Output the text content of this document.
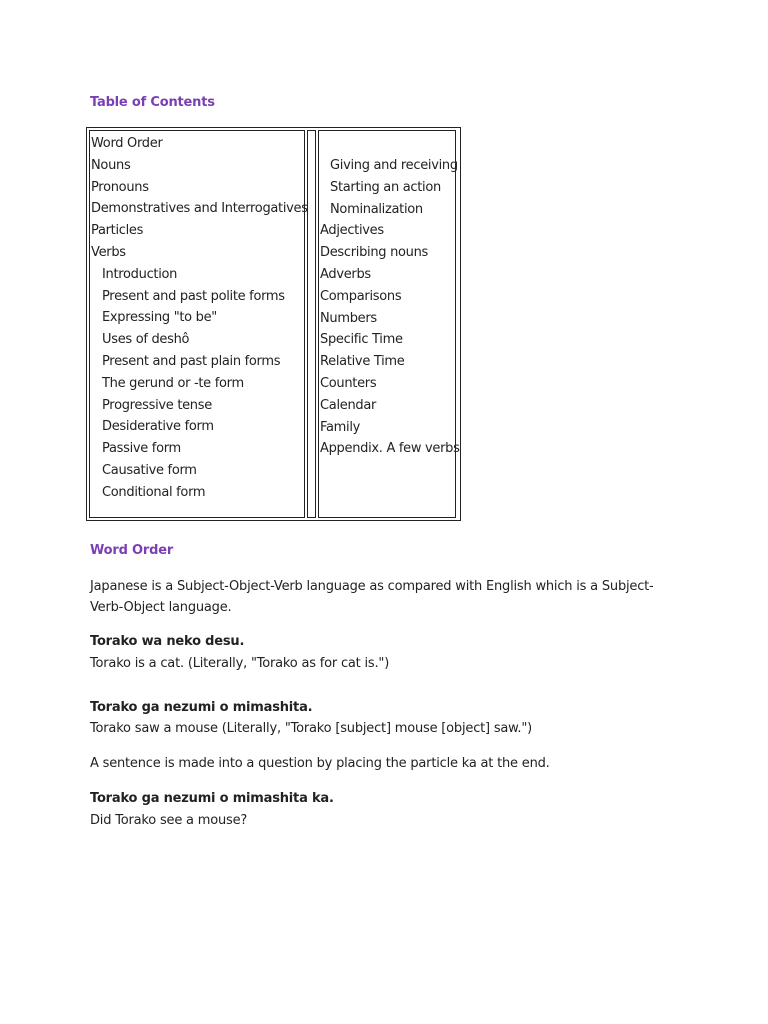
Table of Contents
Word Order
Nouns
Pronouns
Demonstratives and Interrogatives
Particles
Verbs
Introduction
Present and past polite forms
Expressing "to be"
Uses of deshô
Present and past plain forms
The gerund or -te form
Progressive tense
Desiderative form
Passive form
Causative form
Conditional form
Giving and receiving
Starting an action
Nominalization
Adjectives
Describing nouns
Adverbs
Comparisons
Numbers
Specific Time
Relative Time
Counters
Calendar
Family
Appendix. A few verbs
Word Order

Japanese is a Subject-Object-Verb language as compared with English which is a Subject-Verb-Object language.

Torako wa neko desu.

Torako is a cat. (Literally, "Torako as for cat is.")

Torako ga nezumi o mimashita.

Torako saw a mouse (Literally, "Torako [subject] mouse [object] saw.")

A sentence is made into a question by placing the particle ka at the end.

Torako ga nezumi o mimashita ka.

Did Torako see a mouse?
